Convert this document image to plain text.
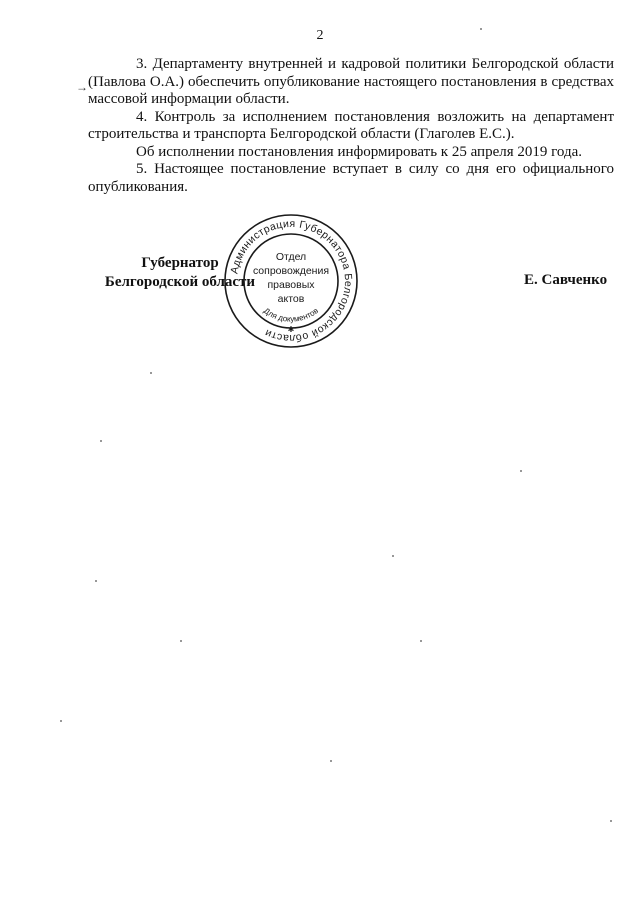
2
→

3. Департаменту внутренней и кадровой политики Белгородской области (Павлова О.А.) обеспечить опубликование настоящего постановления в средствах массовой информации области.

4. Контроль за исполнением постановления возложить на департамент строительства и транспорта Белгородской области (Глаголев Е.С.).

Об исполнении постановления информировать к 25 апреля 2019 года.

5. Настоящее постановление вступает в силу со дня его официального опубликования.

Губернатор
Белгородской области
Администрация Губернатора Белгородской области
Для документов
Отдел
сопровождения
правовых
актов
✱
Е. Савченко
